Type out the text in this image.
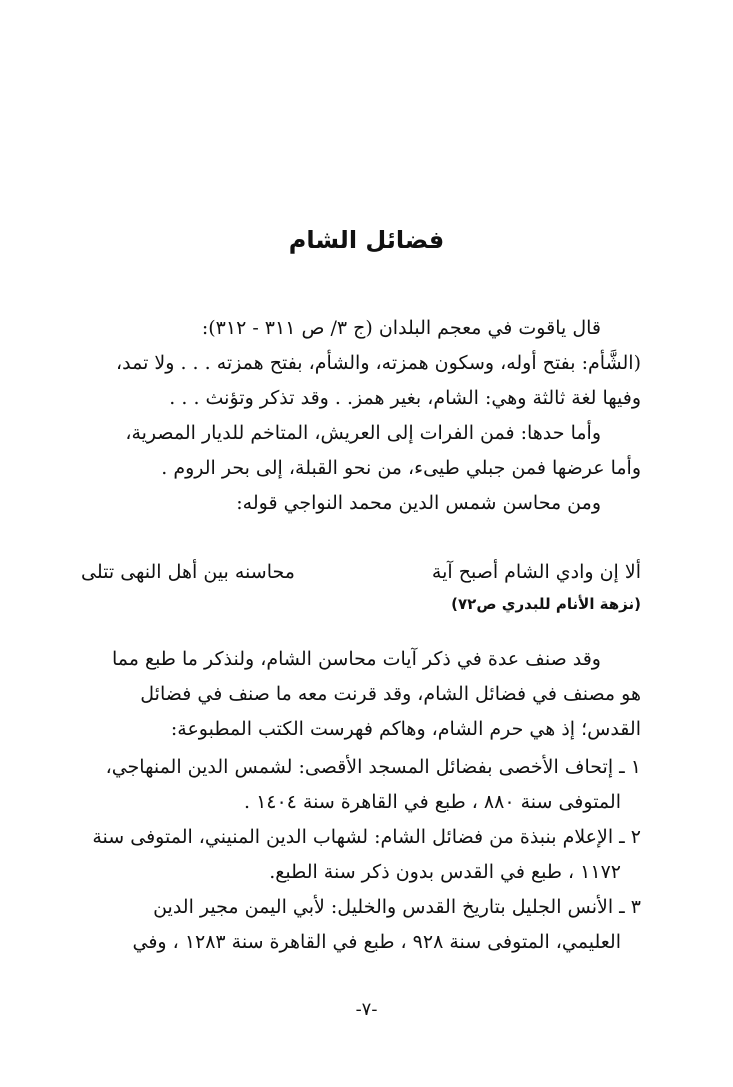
فضائل الشام
قال ياقوت في معجم البلدان (ج ٣/ ص ٣١١ - ٣١٢):
(الشَّأم: بفتح أوله، وسكون همزته، والشأم، بفتح همزته . . . ولا تمد،
وفيها لغة ثالثة وهي: الشام، بغير همز. . وقد تذكر وتؤنث . . .
وأما حدها: فمن الفرات إلى العريش، المتاخم للديار المصرية،
وأما عرضها فمن جبلي طيىء، من نحو القبلة، إلى بحر الروم .
ومن محاسن شمس الدين محمد النواجي قوله:
ألا إن وادي الشام أصبح آية
محاسنه بين أهل النهى تتلى
(نزهة الأنام للبدري ص٧٢)
وقد صنف عدة في ذكر آيات محاسن الشام، ولنذكر ما طبع مما
هو مصنف في فضائل الشام، وقد قرنت معه ما صنف في فضائل
القدس؛ إذ هي حرم الشام، وهاكم فهرست الكتب المطبوعة:
١ ـ إتحاف الأخصى بفضائل المسجد الأقصى: لشمس الدين المنهاجي،
المتوفى سنة ٨٨٠ ، طبع في القاهرة سنة ١٤٠٤ .
٢ ـ الإعلام بنبذة من فضائل الشام: لشهاب الدين المنيني، المتوفى سنة
١١٧٢ ، طبع في القدس بدون ذكر سنة الطبع.
٣ ـ الأنس الجليل بتاريخ القدس والخليل: لأبي اليمن مجير الدين
العليمي، المتوفى سنة ٩٢٨ ، طبع في القاهرة سنة ١٢٨٣ ، وفي
-٧-
